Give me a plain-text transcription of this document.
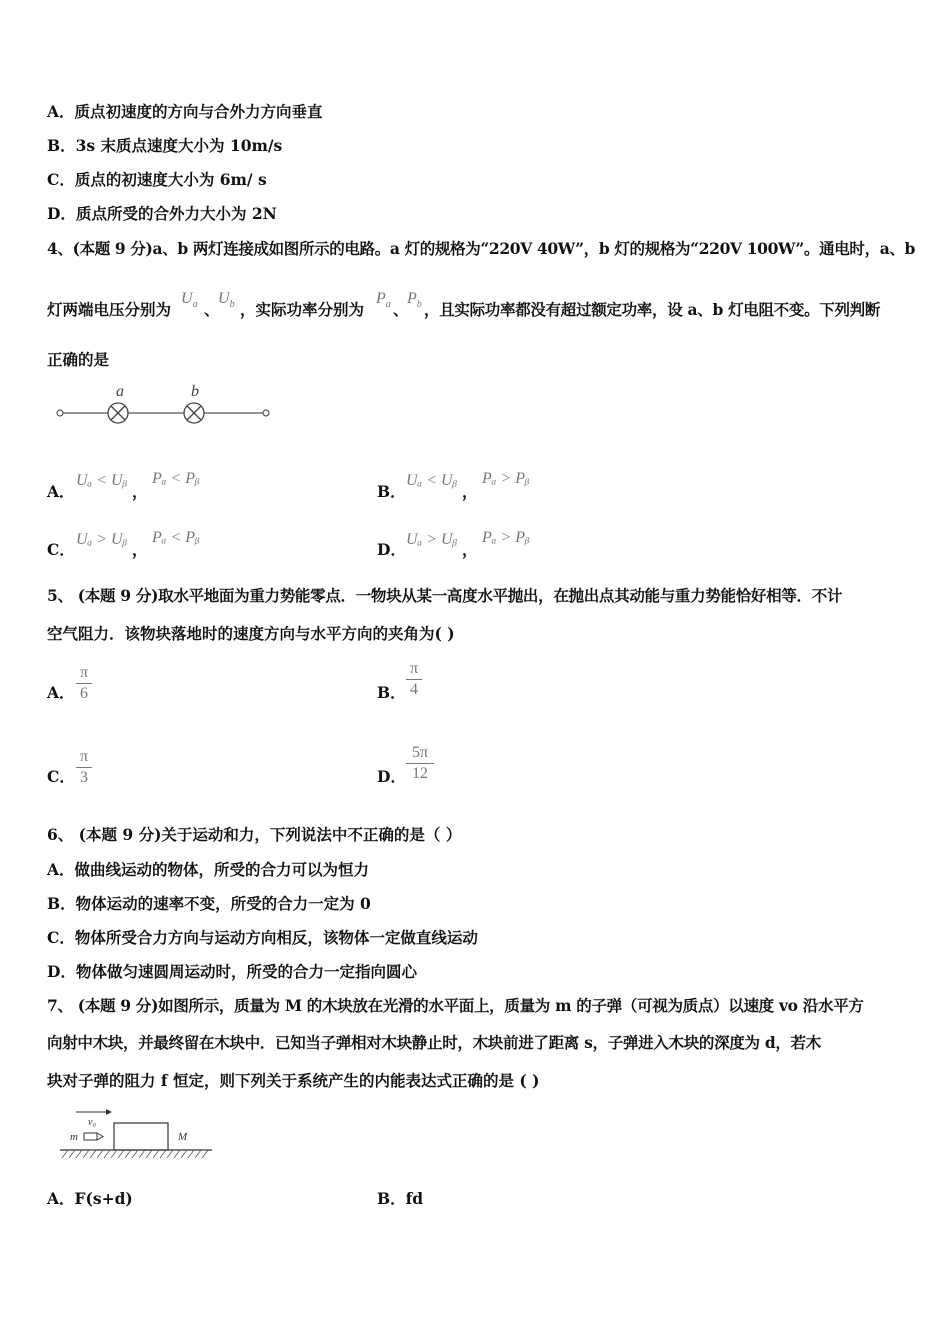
A．质点初速度的方向与合外力方向垂直
B．3s 末质点速度大小为 10m/s
C．质点的初速度大小为 6m/ s
D．质点所受的合外力大小为 2N
4、(本题 9 分)a、b 两灯连接成如图所示的电路。a 灯的规格为“220V 40W”，b 灯的规格为“220V 100W”。通电时，a、b
灯两端电压分别为
$U_a$ 、
$U_b$ ，实际功率分别为
$P_a$ 、
$P_b$ ，且实际功率都没有超过额定功率，设 a、b 灯电阻不变。下列判断
正确的是
a	b
A．
Uₐ < Uᵦ
，
Pₐ < Pᵦ
B．
Uₐ < Uᵦ
，
Pₐ > Pᵦ
C．
Uₐ > Uᵦ
，
Pₐ < Pᵦ
D．
Uₐ > Uᵦ
，
Pₐ > Pᵦ
5、 (本题 9 分)取水平地面为重力势能零点．一物块从某一高度水平抛出，在抛出点其动能与重力势能恰好相等．不计
空气阻力．该物块落地时的速度方向与水平方向的夹角为( )
A．
π
6	B．
π
4
C．
π
3	D．
5π
12
6、 (本题 9 分)关于运动和力，下列说法中不正确的是（ ）
A．做曲线运动的物体，所受的合力可以为恒力
B．物体运动的速率不变，所受的合力一定为 0
C．物体所受合力方向与运动方向相反，该物体一定做直线运动
D．物体做匀速圆周运动时，所受的合力一定指向圆心
7、 (本题 9 分)如图所示，质量为 M 的木块放在光滑的水平面上，质量为 m 的子弹（可视为质点）以速度 vo 沿水平方
向射中木块，并最终留在木块中．已知当子弹相对木块静止时，木块前进了距离 s，子弹进入木块的深度为 d，若木
块对子弹的阻力 f 恒定，则下列关于系统产生的内能表达式正确的是 ( )
v₀
m	M
A．F(s+d)	B．fd
